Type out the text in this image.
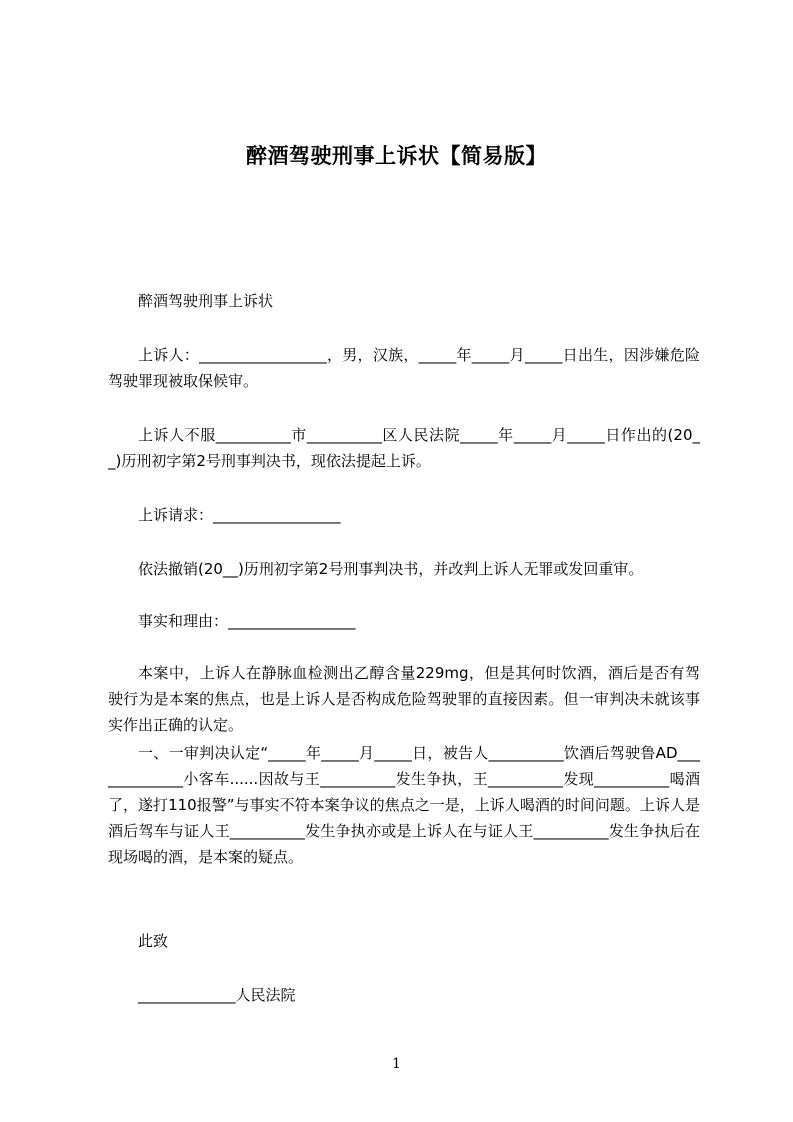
醉酒驾驶刑事上诉状【简易版】
醉酒驾驶刑事上诉状
上诉人：_________________，男，汉族，_____年_____月_____日出生，因涉嫌危险驾驶罪现被取保候审。
上诉人不服__________市__________区人民法院_____年_____月_____日作出的(20__)历刑初字第2号刑事判决书，现依法提起上诉。
上诉请求：_________________
依法撤销(20__)历刑初字第2号刑事判决书，并改判上诉人无罪或发回重审。
事实和理由：_________________
本案中，上诉人在静脉血检测出乙醇含量229mg，但是其何时饮酒，酒后是否有驾驶行为是本案的焦点，也是上诉人是否构成危险驾驶罪的直接因素。但一审判决未就该事实作出正确的认定。
一、一审判决认定“_____年_____月_____日，被告人__________饮酒后驾驶鲁AD_____________小客车......因故与王__________发生争执，王__________发现__________喝酒了，遂打110报警”与事实不符本案争议的焦点之一是，上诉人喝酒的时间问题。上诉人是酒后驾车与证人王__________发生争执亦或是上诉人在与证人王__________发生争执后在现场喝的酒，是本案的疑点。
此致
_____________人民法院
1
